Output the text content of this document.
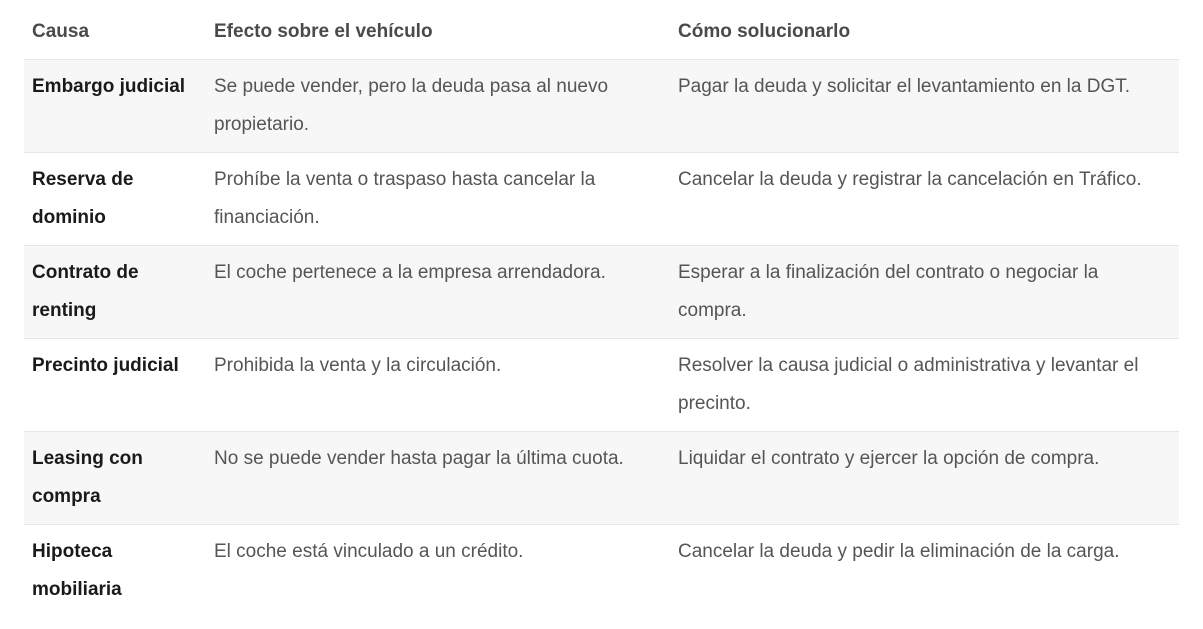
Causa	Efecto sobre el vehículo	Cómo solucionarlo
Embargo judicial	Se puede vender, pero la deuda pasa al nuevo propietario.	Pagar la deuda y solicitar el levantamiento en la DGT.
Reserva de dominio	Prohíbe la venta o traspaso hasta cancelar la financiación.	Cancelar la deuda y registrar la cancelación en Tráfico.
Contrato de renting	El coche pertenece a la empresa arrendadora.	Esperar a la finalización del contrato o negociar la compra.
Precinto judicial	Prohibida la venta y la circulación.	Resolver la causa judicial o administrativa y levantar el precinto.
Leasing con compra	No se puede vender hasta pagar la última cuota.	Liquidar el contrato y ejercer la opción de compra.
Hipoteca mobiliaria	El coche está vinculado a un crédito.	Cancelar la deuda y pedir la eliminación de la carga.
